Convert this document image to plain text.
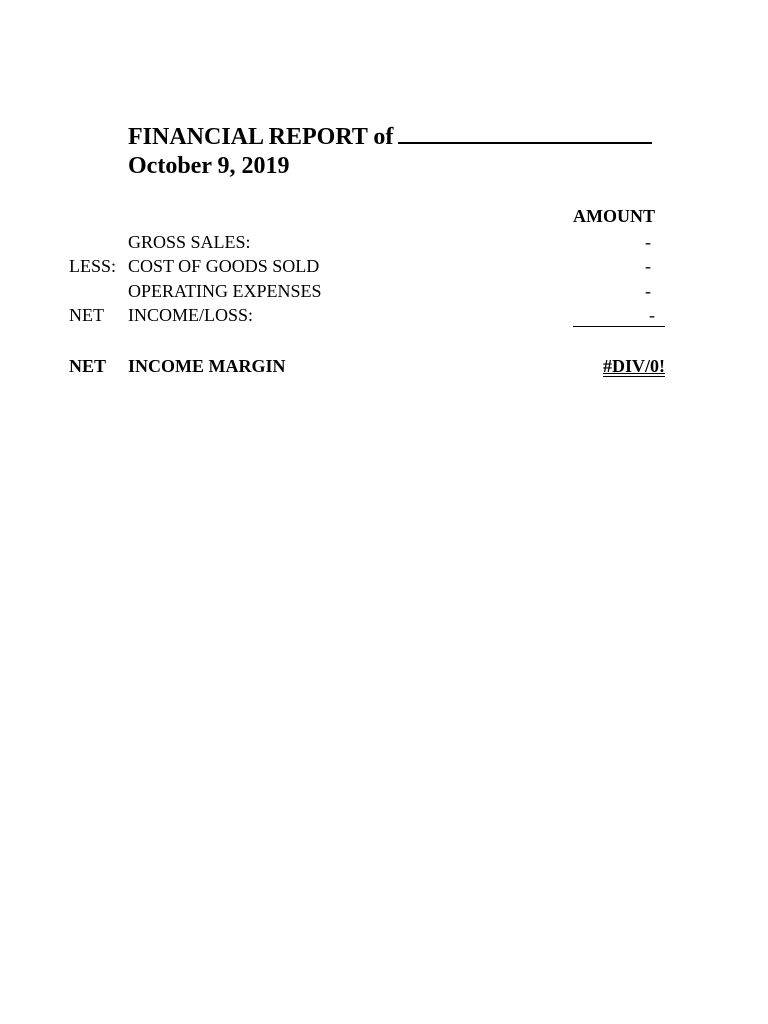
FINANCIAL REPORT of
October 9, 2019
AMOUNT
GROSS SALES:	-
LESS: COST OF GOODS SOLD	-
OPERATING EXPENSES	-
NET INCOME/LOSS:	-
NET INCOME MARGIN	#DIV/0!
